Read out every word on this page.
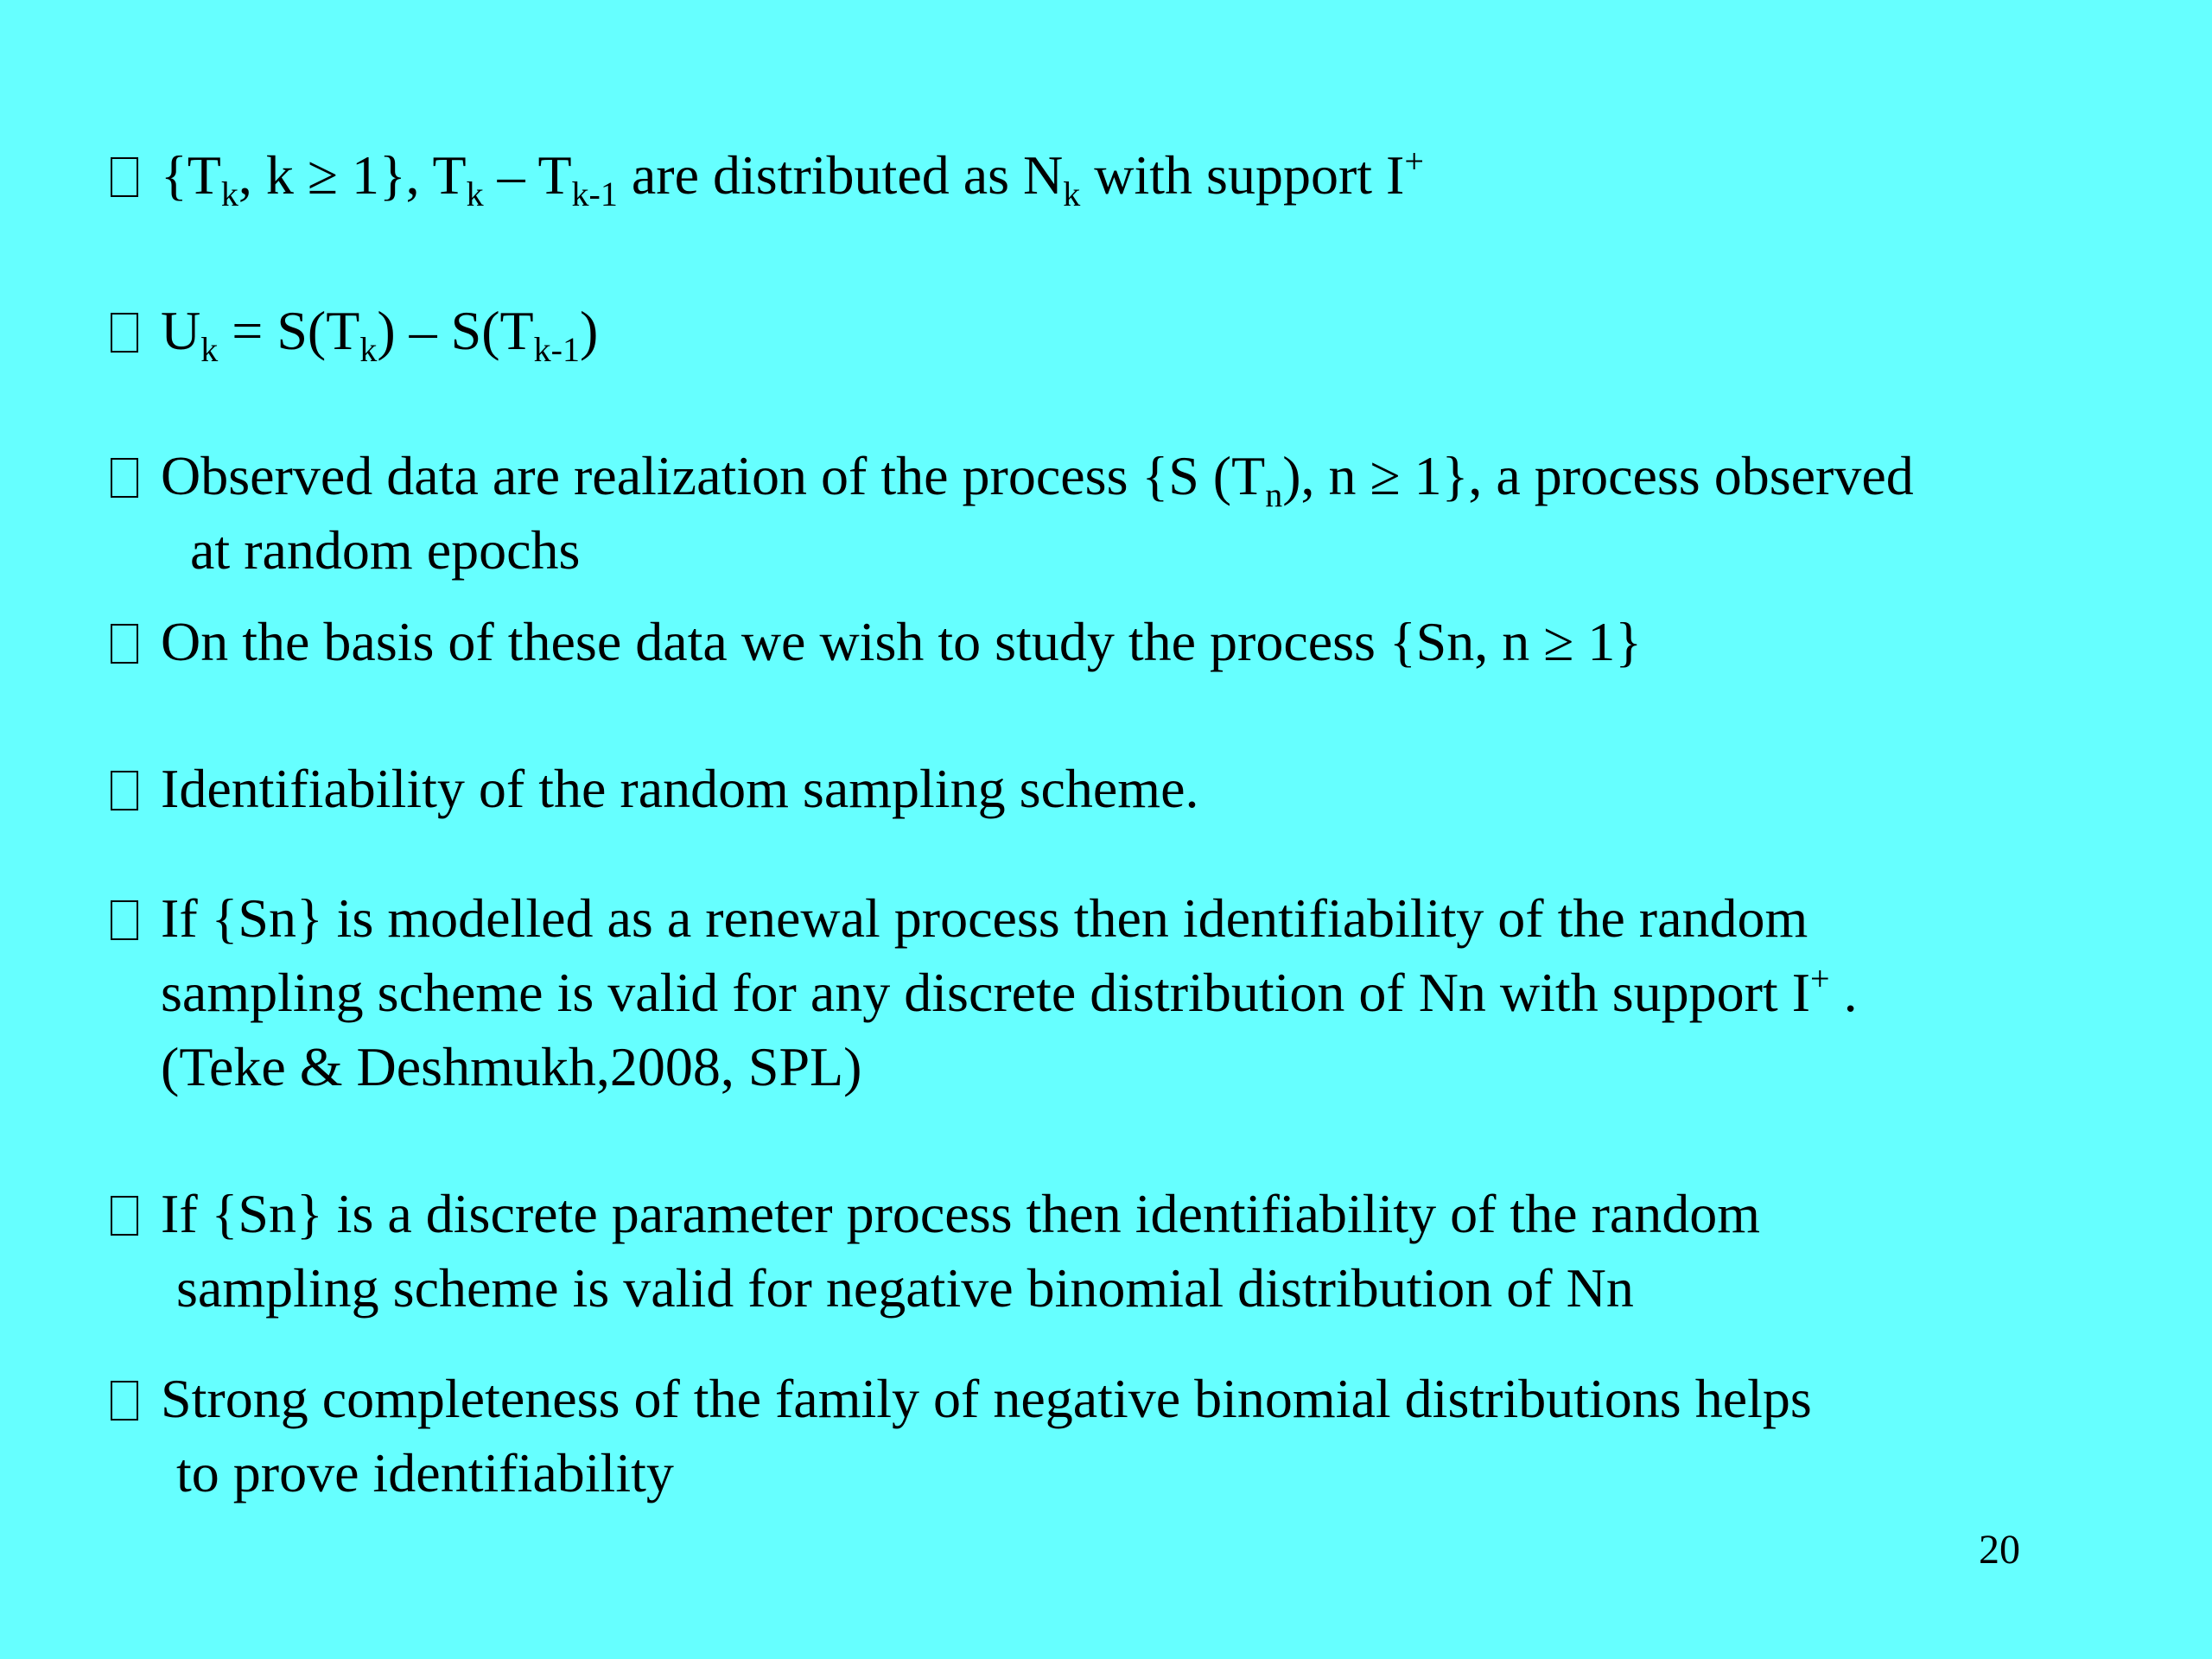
{$T_k$, k ≥ 1}, $T_k - T_{k-1}$ are distributed as $N_k$ with support I+
$U_k = S(T_k) - S(T_{k-1})$
Observed data are realization of the process {S $(T_n)$, n ≥ 1}, a process observed
at random epochs
On the basis of these data we wish to study the process {Sn, n ≥ 1}
Identifiability of the random sampling scheme.
If {Sn} is modelled as a renewal process then identifiability of the random
sampling scheme is valid for any discrete distribution of Nn with support I+ .
(Teke & Deshmukh,2008, SPL)
If {Sn} is a discrete parameter process then identifiability of the random
sampling scheme is valid for negative binomial distribution of Nn
Strong completeness of the family of negative binomial distributions helps
to prove identifiability
20
